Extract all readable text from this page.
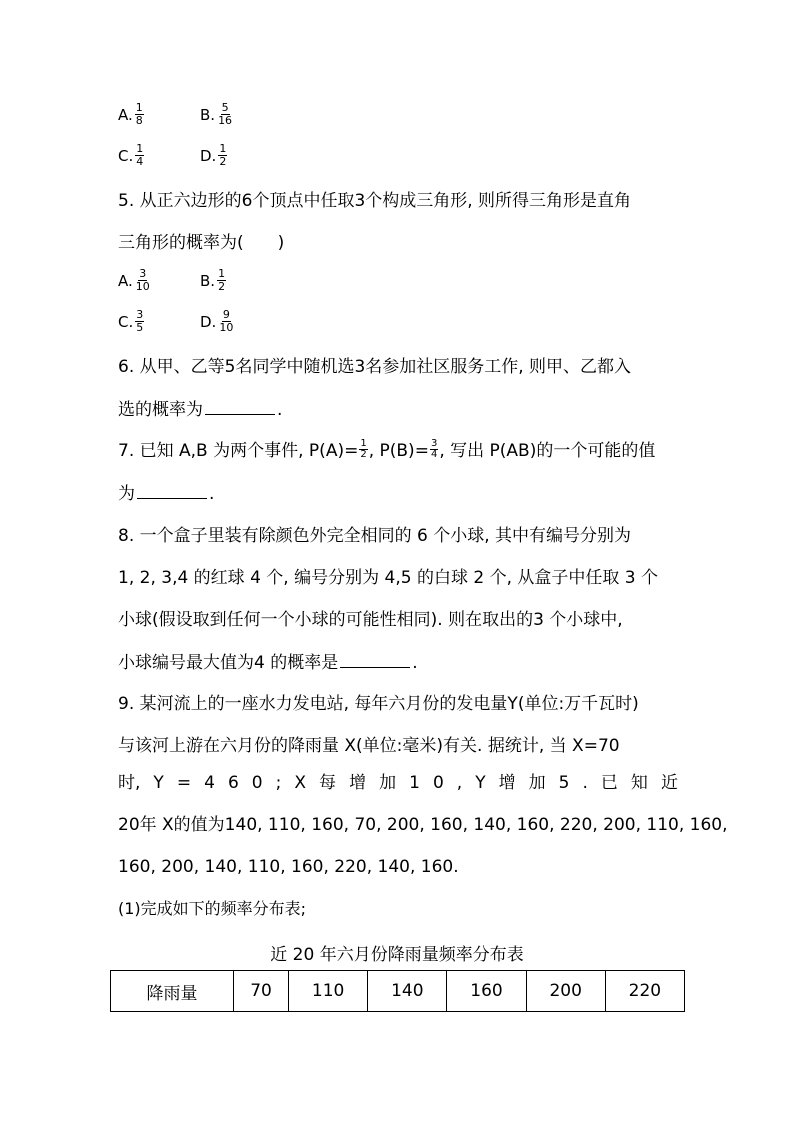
A. $\frac{1}{8}$	B. $\frac{5}{16}$
C. $\frac{1}{4}$	D. $\frac{1}{2}$
5. 从正六边形的6个顶点中任取3个构成三角形, 则所得三角形是直角
三角形的概率为(　　)
A. $\frac{3}{10}$	B. $\frac{1}{2}$
C. $\frac{3}{5}$	D. $\frac{9}{10}$
6. 从甲、乙等5名同学中随机选3名参加社区服务工作, 则甲、乙都入
选的概率为	.
7. 已知 A,B 为两个事件, $P(A)= \frac{1}{2}$ , $P(B)= \frac{3}{4}$ , 写出 P(AB)的一个可能的值
为	.
8. 一个盒子里装有除颜色外完全相同的 6 个小球, 其中有编号分别为
1, 2, 3,4 的红球 4 个, 编号分别为 4,5 的白球 2 个, 从盒子中任取 3 个
小球(假设取到任何一个小球的可能性相同). 则在取出的3 个小球中,
小球编号最大值为4 的概率是	.
9. 某河流上的一座水力发电站, 每年六月份的发电量Y(单位:万千瓦时)
与该河上游在六月份的降雨量 X(单位:毫米)有关. 据统计, 当 X=70
时, Y = 4 6 0 ; X 每 增 加 1 0 , Y 增 加 5 . 已 知 近
20年 X的值为140, 110, 160, 70, 200, 160, 140, 160, 220, 200, 110, 160,
160, 200, 140, 110, 160, 220, 140, 160.
(1)完成如下的频率分布表;
近 20 年六月份降雨量频率分布表
降雨量	70	110	140	160	200	220
